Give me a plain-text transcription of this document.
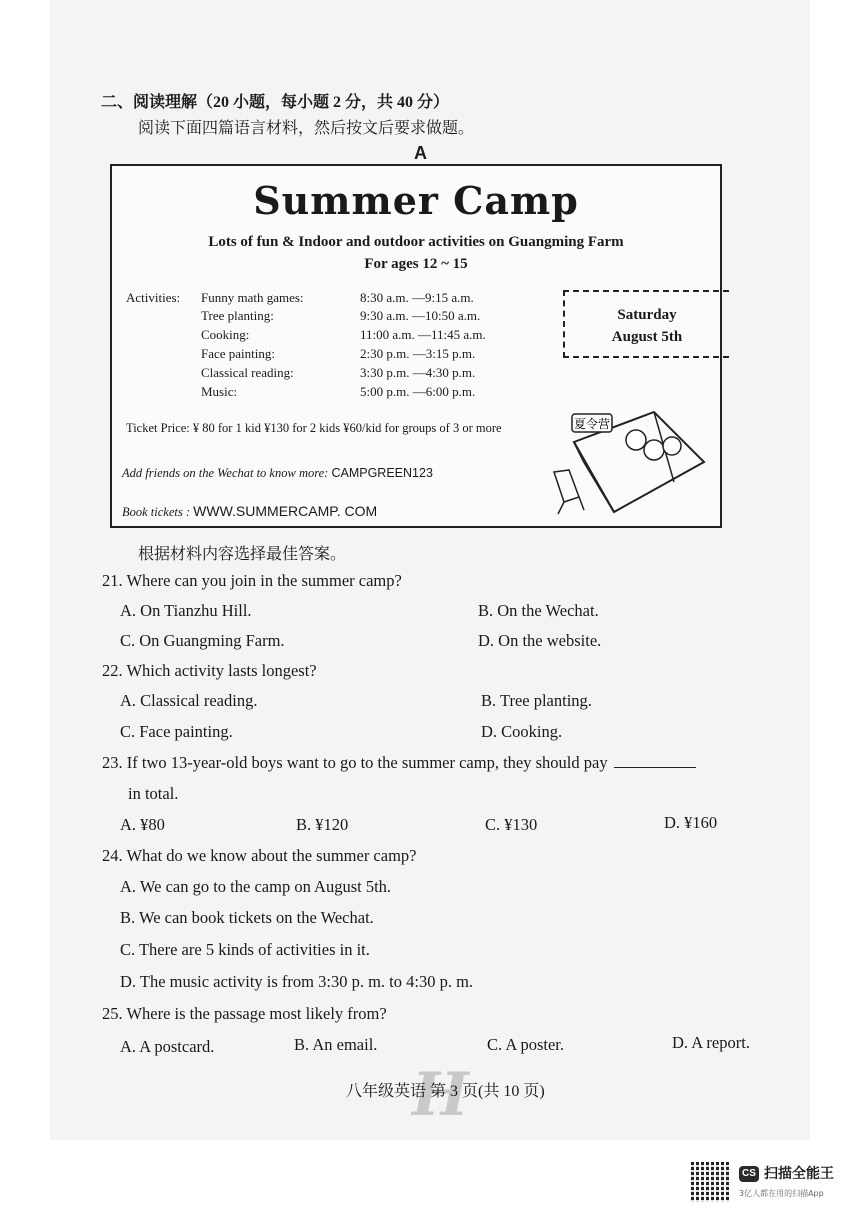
二、阅读理解（20 小题，每小题 2 分，共 40 分）
阅读下面四篇语言材料，然后按文后要求做题。
A
Summer Camp
Lots of fun & Indoor and outdoor activities on Guangming Farm
For ages 12 ~ 15
Activities: Funny math games:	8:30 a.m. —9:15 a.m.
Tree planting:	9:30 a.m. —10:50 a.m.
Cooking:	11:00 a.m. —11:45 a.m.
Face painting:	2:30 p.m. —3:15 p.m.
Classical reading:	3:30 p.m. —4:30 p.m.
Music:	5:00 p.m. —6:00 p.m.
Saturday
August 5th
Ticket Price: ¥ 80 for 1 kid ¥130 for 2 kids ¥60/kid for groups of 3 or more
Add friends on the Wechat to know more: CAMPGREEN123
Book tickets : WWW.SUMMERCAMP. COM
夏令营
根据材料内容选择最佳答案。
21. Where can you join in the summer camp?
A. On Tianzhu Hill.	B. On the Wechat.
C. On Guangming Farm.	D. On the website.
22. Which activity lasts longest?
A. Classical reading.	B. Tree planting.
C. Face painting.	D. Cooking.
23. If two 13-year-old boys want to go to the summer camp, they should pay
in total.
A. ¥80	B. ¥120	C. ¥130	D. ¥160
24. What do we know about the summer camp?
A. We can go to the camp on August 5th.
B. We can book tickets on the Wechat.
C. There are 5 kinds of activities in it.
D. The music activity is from 3:30 p. m. to 4:30 p. m.
25. Where is the passage most likely from?
A. A postcard.	B. An email.	C. A poster.	D. A report.
H
八年级英语 第 3 页(共 10 页)
CS 扫描全能王
3亿人都在用的扫描App
